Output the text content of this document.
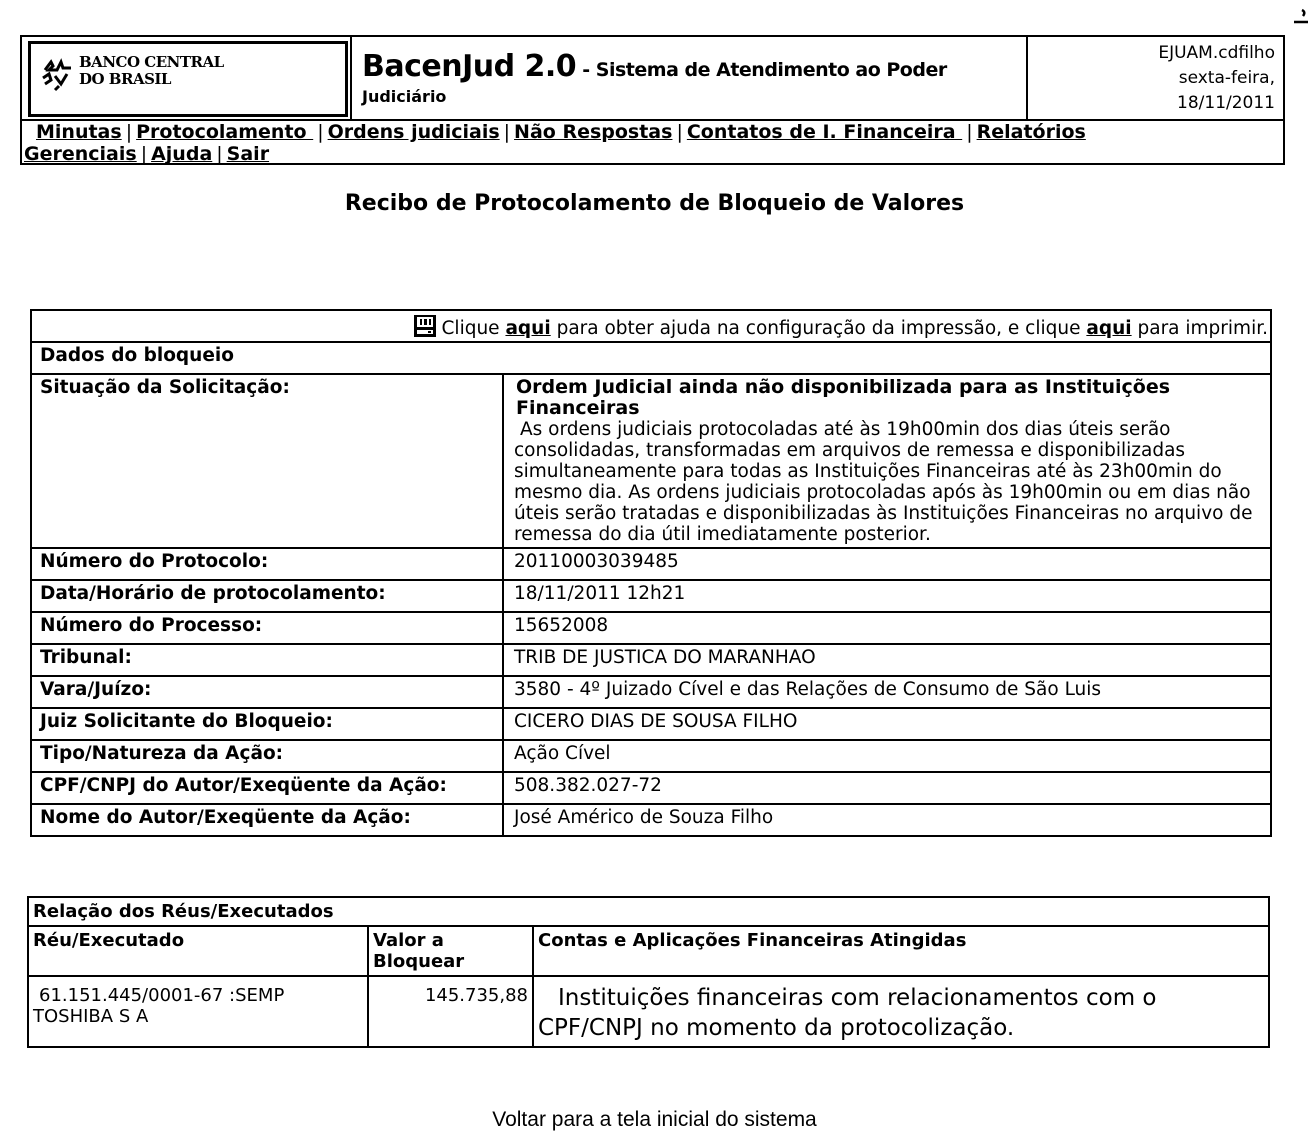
BANCO CENTRAL
DO BRASIL	BacenJud 2.0 - Sistema de Atendimento ao Poder
Judiciário
EJUAM.cdfilho
sexta-feira,
18/11/2011
Minutas | Protocolamento | Ordens judiciais | Não Respostas | Contatos de I. Financeira | Relatórios Gerenciais | Ajuda | Sair
Recibo de Protocolamento de Bloqueio de Valores
Clique aqui para obter ajuda na configuração da impressão, e clique aqui para imprimir.	
Dados do bloqueio	
Situação da Solicitação:	Ordem Judicial ainda não disponibilizada para as Instituições Financeiras
As ordens judiciais protocoladas até às 19h00min dos dias úteis serão consolidadas, transformadas em arquivos de remessa e disponibilizadas simultaneamente para todas as Instituições Financeiras até às 23h00min do mesmo dia. As ordens judiciais protocoladas após às 19h00min ou em dias não úteis serão tratadas e disponibilizadas às Instituições Financeiras no arquivo de remessa do dia útil imediatamente posterior.

Número do Protocolo:	20110003039485
Data/Horário de protocolamento:	18/11/2011 12h21
Número do Processo:	15652008
Tribunal:	TRIB DE JUSTICA DO MARANHAO
Vara/Juízo:	3580 - 4º Juizado Cível e das Relações de Consumo de São Luis
Juiz Solicitante do Bloqueio:	CICERO DIAS DE SOUSA FILHO
Tipo/Natureza da Ação:	Ação Cível
CPF/CNPJ do Autor/Exeqüente da Ação:	508.382.027-72
Nome do Autor/Exeqüente da Ação:	José Américo de Souza Filho
Relação dos Réus/Executados		
Réu/Executado	Valor a Bloquear	Contas e Aplicações Financeiras Atingidas
61.151.445/0001-67 :SEMP TOSHIBA S A	145.735,88	Instituições financeiras com relacionamentos com o CPF/CNPJ no momento da protocolização.
Voltar para a tela inicial do sistema
